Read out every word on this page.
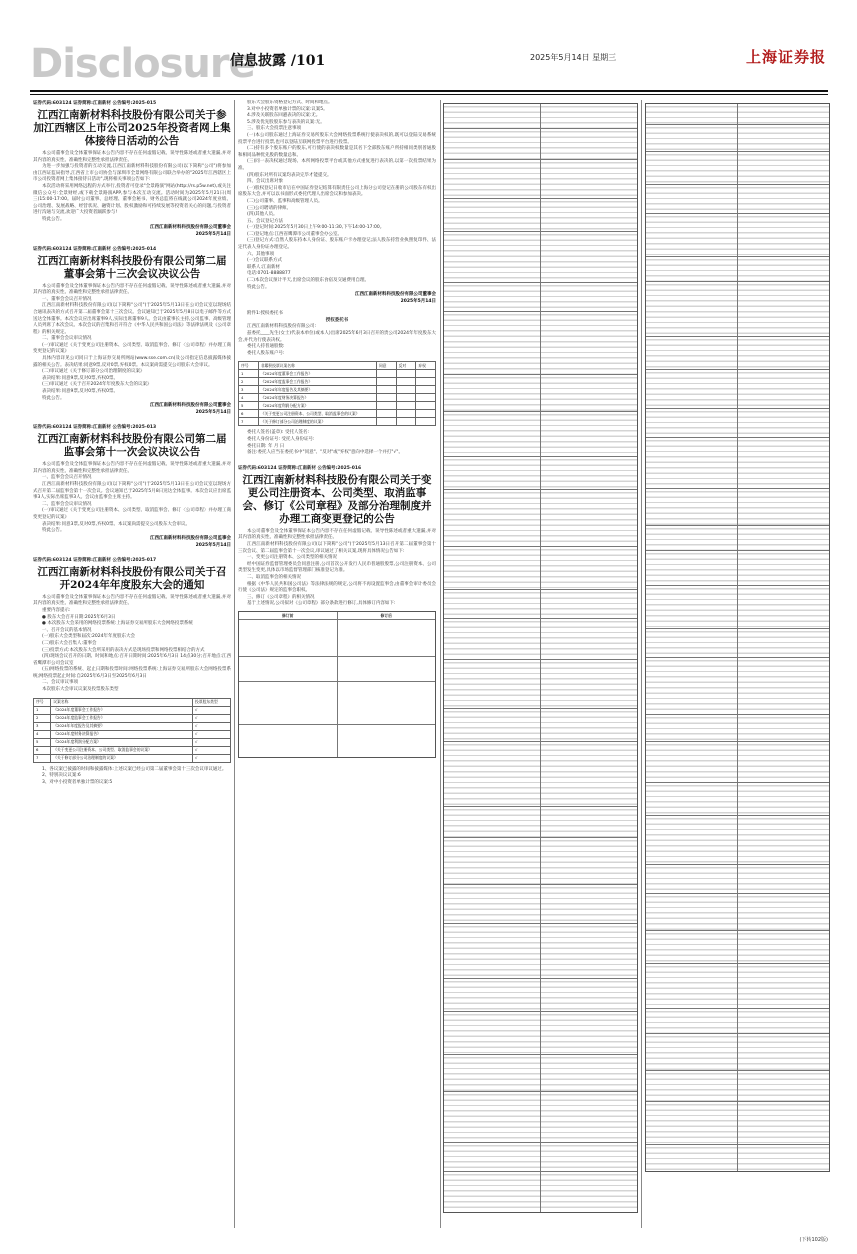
Disclosure
信息披露 /101	2025年5月14日 星期三	上海证券报
证券代码:603124 证券简称:江南新材 公告编号:2025-015
江西江南新材料科技股份有限公司关于参加江西辖区上市公司2025年投资者网上集体接待日活动的公告

本公司董事会及全体董事保证本公告内容不存在任何虚假记载、误导性陈述或者重大遗漏,并对其内容的真实性、准确性和完整性承担法律责任。

为进一步加强与投资者的互动交流,江西江南新材料科技股份有限公司(以下简称"公司")将参加由江西证监局指导,江西省上市公司协会与深圳市全景网络有限公司联合举办的"2025年江西辖区上市公司投资者网上集体接待日活动",现将相关事项公告如下:

本次活动将采用网络远程的方式举行,投资者可登录"全景路演"网站(http://rs.p5w.net),或关注微信公众号:全景财经,或下载全景路演APP,参与本次互动交流。活动时间为2025年5月21日(周三)15:00-17:00。届时公司董事、总经理、董事会秘书、财务总监将在线就公司2024年度业绩、公司治理、发展战略、经营状况、融资计划、股权激励和可持续发展等投资者关心的问题,与投资者进行沟通与交流,欢迎广大投资者踊跃参与!

特此公告。

江西江南新材料科技股份有限公司董事会
2025年5月14日
证券代码:603124 证券简称:江南新材 公告编号:2025-014
江西江南新材料科技股份有限公司第二届董事会第十三次会议决议公告

本公司董事会及全体董事保证本公告内容不存在任何虚假记载、误导性陈述或者重大遗漏,并对其内容的真实性、准确性和完整性承担法律责任。

一、董事会会议召开情况

江西江南新材料科技股份有限公司(以下简称"公司")于2025年5月13日在公司会议室以现场结合通讯表决的方式召开第二届董事会第十三次会议。会议通知已于2025年5月8日以电子邮件等方式送达全体董事。本次会议应出席董事9人,实际出席董事9人。会议由董事长主持,公司监事、高级管理人员列席了本次会议。本次会议的召集和召开符合《中华人民共和国公司法》等法律法规及《公司章程》的相关规定。

二、董事会会议审议情况

(一)审议通过《关于变更公司注册资本、公司类型、取消监事会、修订〈公司章程〉并办理工商变更登记的议案》

具体内容详见公司同日于上海证券交易所网站(www.sse.com.cn)及公司指定信息披露媒体披露的相关公告。表决结果:同意9票,反对0票,弃权0票。本议案尚需提交公司股东大会审议。

(二)审议通过《关于修订部分公司治理制度的议案》

表决结果:同意9票,反对0票,弃权0票。

(三)审议通过《关于召开2024年年度股东大会的议案》

表决结果:同意9票,反对0票,弃权0票。

特此公告。

江西江南新材料科技股份有限公司董事会
2025年5月14日
证券代码:603124 证券简称:江南新材 公告编号:2025-013
江西江南新材料科技股份有限公司第二届监事会第十一次会议决议公告

本公司监事会及全体监事保证本公告内容不存在任何虚假记载、误导性陈述或者重大遗漏,并对其内容的真实性、准确性和完整性承担法律责任。

一、监事会会议召开情况

江西江南新材料科技股份有限公司(以下简称"公司")于2025年5月13日在公司会议室以现场方式召开第二届监事会第十一次会议。会议通知已于2025年5月8日送达全体监事。本次会议应出席监事3人,实际出席监事3人。会议由监事会主席主持。

二、监事会会议审议情况

(一)审议通过《关于变更公司注册资本、公司类型、取消监事会、修订〈公司章程〉并办理工商变更登记的议案》

表决结果:同意3票,反对0票,弃权0票。本议案尚需提交公司股东大会审议。

特此公告。

江西江南新材料科技股份有限公司监事会
2025年5月14日
证券代码:603124 证券简称:江南新材 公告编号:2025-017
江西江南新材料科技股份有限公司关于召开2024年年度股东大会的通知

本公司董事会及全体董事保证本公告内容不存在任何虚假记载、误导性陈述或者重大遗漏,并对其内容的真实性、准确性和完整性承担法律责任。

重要内容提示:

● 股东大会召开日期:2025年6月3日

● 本次股东大会采用的网络投票系统:上海证券交易所股东大会网络投票系统

一、召开会议的基本情况

(一)股东大会类型和届次:2024年年度股东大会

(二)股东大会召集人:董事会

(三)投票方式:本次股东大会所采用的表决方式是现场投票和网络投票相结合的方式

(四)现场会议召开的日期、时间和地点:召开日期时间:2025年6月3日 14点30分;召开地点:江西省鹰潭市公司会议室

(五)网络投票的系统、起止日期和投票时间:网络投票系统:上海证券交易所股东大会网络投票系统;网络投票起止时间:自2025年6月3日至2025年6月3日

二、会议审议事项

本次股东大会审议议案及投票股东类型

序号	议案名称	投票股东类型
1	《2024年度董事会工作报告》	√
2	《2024年度监事会工作报告》	√
3	《2024年年度报告及其摘要》	√
4	《2024年度财务决算报告》	√
5	《2024年度利润分配方案》	√
6	《关于变更公司注册资本、公司类型、取消监事会的议案》	√
7	《关于修订部分公司治理制度的议案》	√

1、各议案已披露的时间和披露媒体:上述议案已经公司第二届董事会第十三次会议审议通过。

2、特别决议议案:6

3、对中小投资者单独计票的议案:5

股东大会股东资格登记方式、时间和地点。

3.对中小投资者单独计票的议案:议案5。

4.涉及关联股东回避表决的议案:无。

5.涉及优先股股东参与表决的议案:无。

三、股东大会投票注意事项

(一)本公司股东通过上海证券交易所股东大会网络投票系统行使表决权的,既可以登陆交易系统投票平台进行投票,也可以登陆互联网投票平台进行投票。

(二)持有多个股东账户的股东,可行使的表决权数量是其名下全部股东账户所持相同类别普通股和相同品种优先股的数量总和。

(三)同一表决权通过现场、本所网络投票平台或其他方式重复进行表决的,以第一次投票结果为准。

(四)股东对所有议案均表决完毕才能提交。

四、会议出席对象

(一)股权登记日收市后在中国证券登记结算有限责任公司上海分公司登记在册的公司股东有权出席股东大会,并可以以书面形式委托代理人出席会议和参加表决。

(二)公司董事、监事和高级管理人员。

(三)公司聘请的律师。

(四)其他人员。

五、会议登记方法

(一)登记时间:2025年5月30日上午9:00-11:30,下午14:00-17:00。

(二)登记地点:江西省鹰潭市公司董事会办公室。

(三)登记方式:自然人股东持本人身份证、股东账户卡办理登记;法人股东持营业执照复印件、法定代表人身份证办理登记。

六、其他事项

(一)会议联系方式

联系人:江南新材

电话:0701-8888877

(二)本次会议预计半天,出席会议的股东食宿及交通费用自理。

特此公告。

江西江南新材料科技股份有限公司董事会
2025年5月14日

附件1:授权委托书

授权委托书

江西江南新材料科技股份有限公司:

兹委托____先生(女士)代表本单位(或本人)出席2025年6月3日召开的贵公司2024年年度股东大会,并代为行使表决权。

委托人持普通股数:

委托人股东账户号:

序号	非累积投票议案名称	同意	反对	弃权
1	《2024年度董事会工作报告》			
2	《2024年度监事会工作报告》			
3	《2024年年度报告及其摘要》			
4	《2024年度财务决算报告》			
5	《2024年度利润分配方案》			
6	《关于变更公司注册资本、公司类型、取消监事会的议案》			
7	《关于修订部分公司治理制度的议案》			

委托人签名(盖章): 受托人签名:

委托人身份证号: 受托人身份证号:

委托日期: 年 月 日

备注:委托人应当在委托书中"同意"、"反对"或"弃权"意向中选择一个并打"√"。

证券代码:603124 证券简称:江南新材 公告编号:2025-016
江西江南新材料科技股份有限公司关于变更公司注册资本、公司类型、取消监事会、修订《公司章程》及部分治理制度并办理工商变更登记的公告

本公司董事会及全体董事保证本公告内容不存在任何虚假记载、误导性陈述或者重大遗漏,并对其内容的真实性、准确性和完整性承担法律责任。

江西江南新材料科技股份有限公司(以下简称"公司")于2025年5月13日召开第二届董事会第十三次会议、第二届监事会第十一次会议,审议通过了相关议案,现将具体情况公告如下:

一、变更公司注册资本、公司类型的相关情况

经中国证券监督管理委员会同意注册,公司首次公开发行人民币普通股股票,公司注册资本、公司类型发生变更,具体以市场监督管理部门核准登记为准。

二、取消监事会的相关情况

根据《中华人民共和国公司法》等法律法规的规定,公司将不再设置监事会,由董事会审计委员会行使《公司法》规定的监事会职权。

三、修订《公司章程》的相关情况

基于上述情况,公司拟对《公司章程》部分条款进行修订,具体修订内容如下:

修订前	修订后
(下转102版)
